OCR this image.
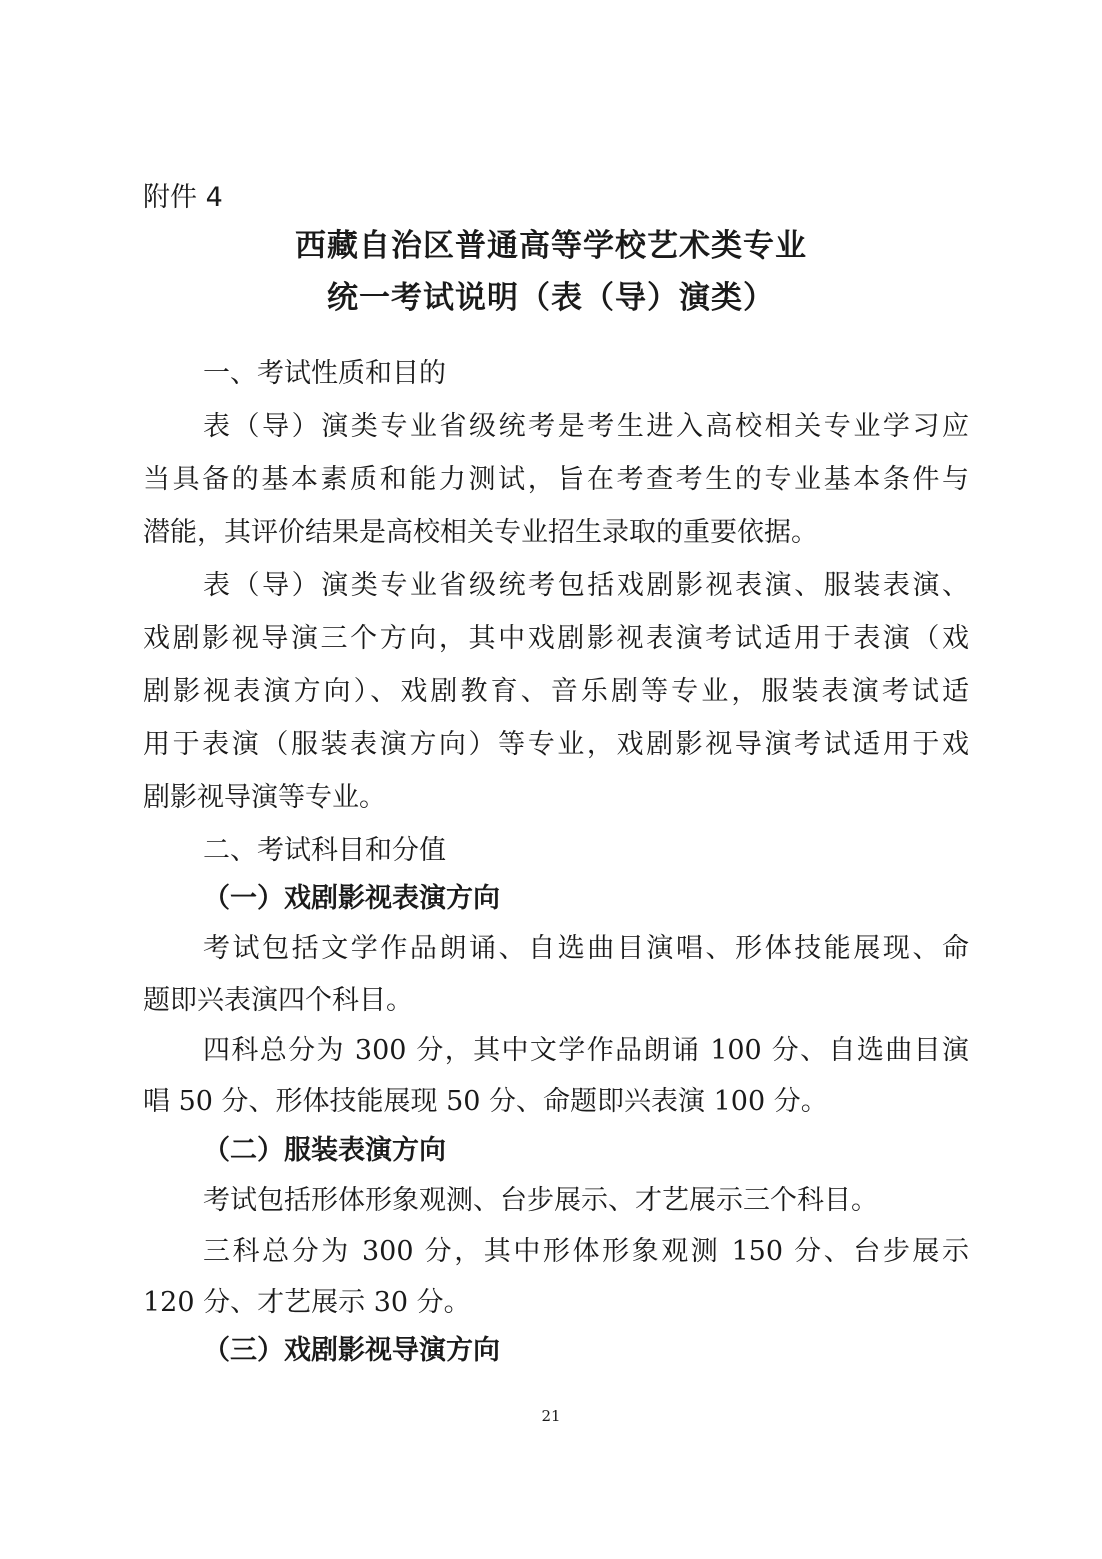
附件 4
西藏自治区普通高等学校艺术类专业
统一考试说明（表（导）演类）
一、考试性质和目的
表（导）演类专业省级统考是考生进入高校相关专业学习应
当具备的基本素质和能力测试，旨在考查考生的专业基本条件与
潜能，其评价结果是高校相关专业招生录取的重要依据。
表（导）演类专业省级统考包括戏剧影视表演、服装表演、
戏剧影视导演三个方向，其中戏剧影视表演考试适用于表演（戏
剧影视表演方向）、戏剧教育、音乐剧等专业，服装表演考试适
用于表演（服装表演方向）等专业，戏剧影视导演考试适用于戏
剧影视导演等专业。
二、考试科目和分值
（一）戏剧影视表演方向
考试包括文学作品朗诵、自选曲目演唱、形体技能展现、命
题即兴表演四个科目。
四科总分为 300 分，其中文学作品朗诵 100 分、自选曲目演
唱 50 分、形体技能展现 50 分、命题即兴表演 100 分。
（二）服装表演方向
考试包括形体形象观测、台步展示、才艺展示三个科目。
三科总分为 300 分，其中形体形象观测 150 分、台步展示
120 分、才艺展示 30 分。
（三）戏剧影视导演方向
21
